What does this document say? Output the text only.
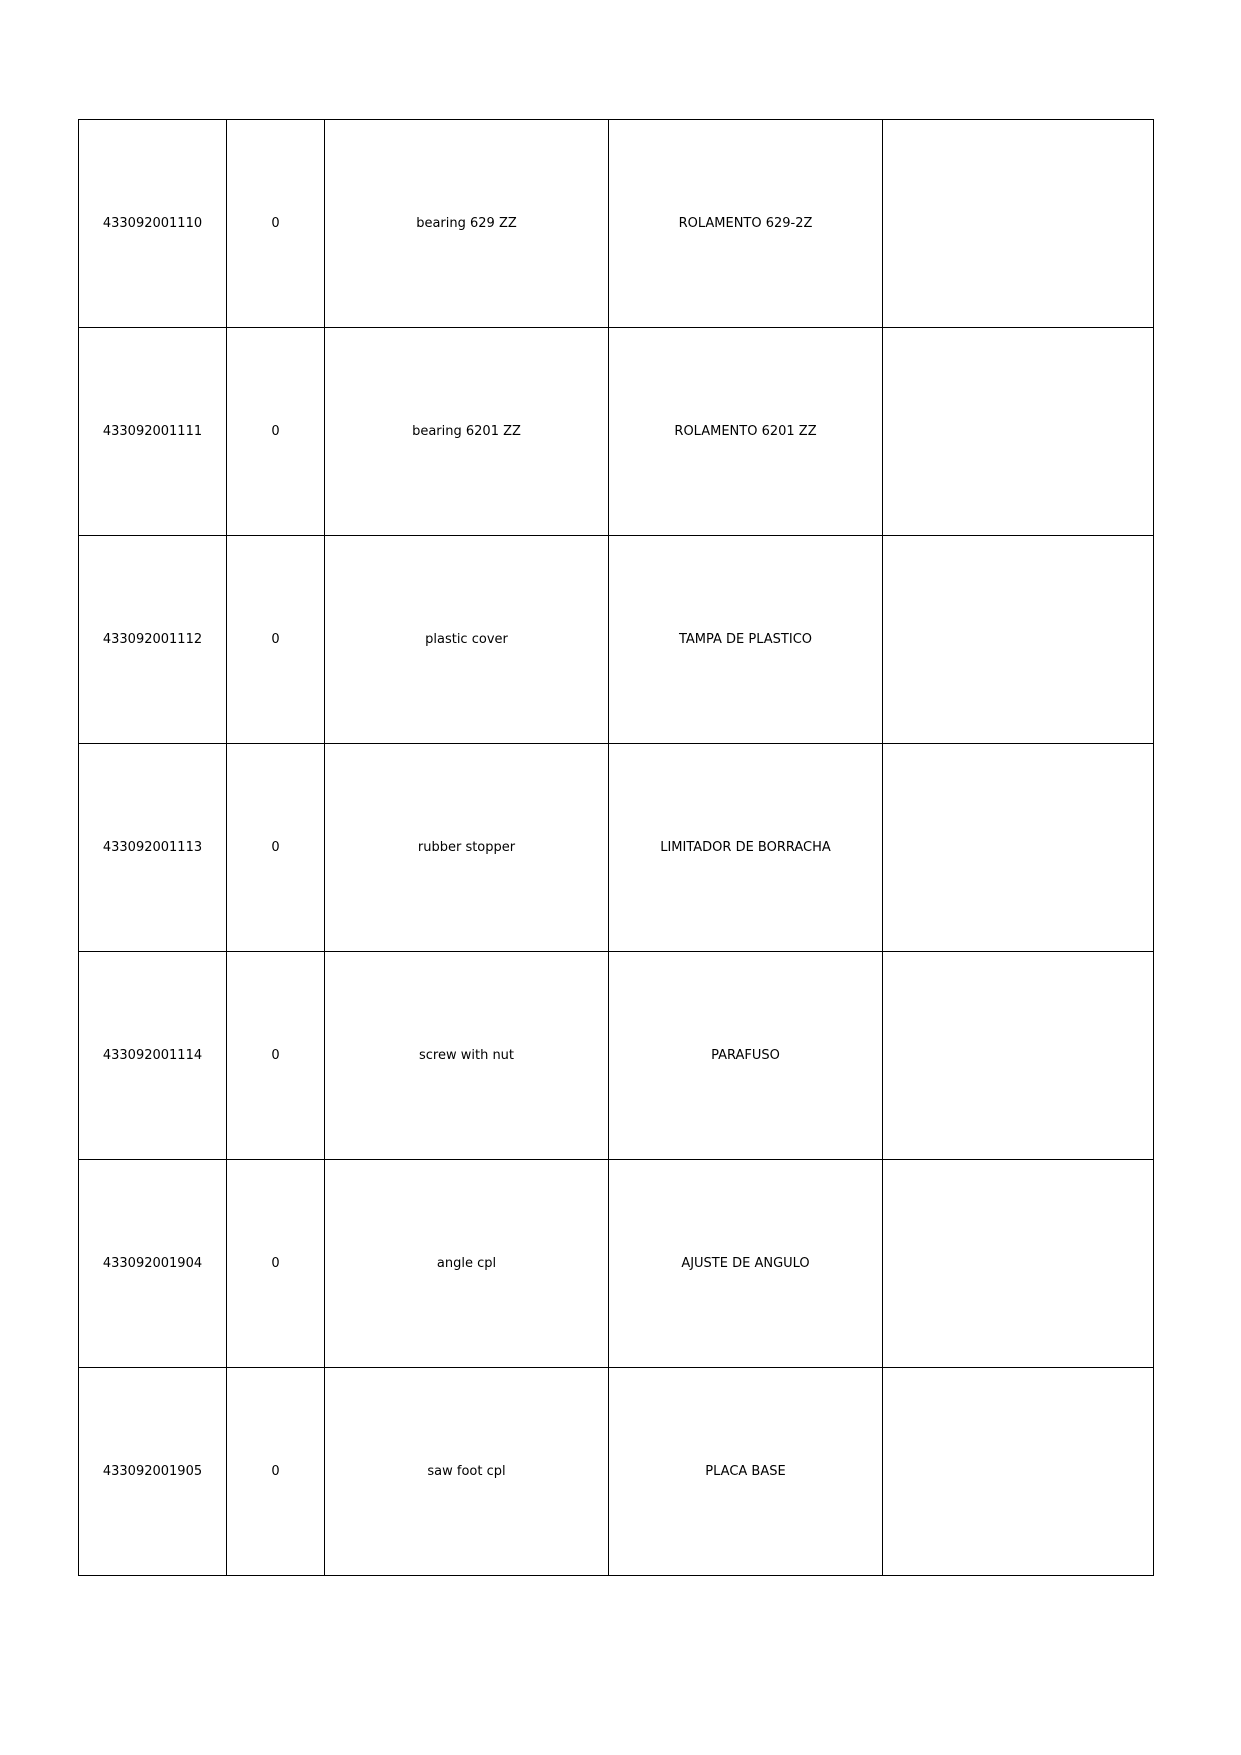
433092001110	0	bearing 629 ZZ	ROLAMENTO 629-2Z	
433092001111	0	bearing 6201 ZZ	ROLAMENTO 6201 ZZ	
433092001112	0	plastic cover	TAMPA DE PLASTICO	
433092001113	0	rubber stopper	LIMITADOR DE BORRACHA	
433092001114	0	screw with nut	PARAFUSO	
433092001904	0	angle cpl	AJUSTE DE ANGULO	
433092001905	0	saw foot cpl	PLACA BASE	
